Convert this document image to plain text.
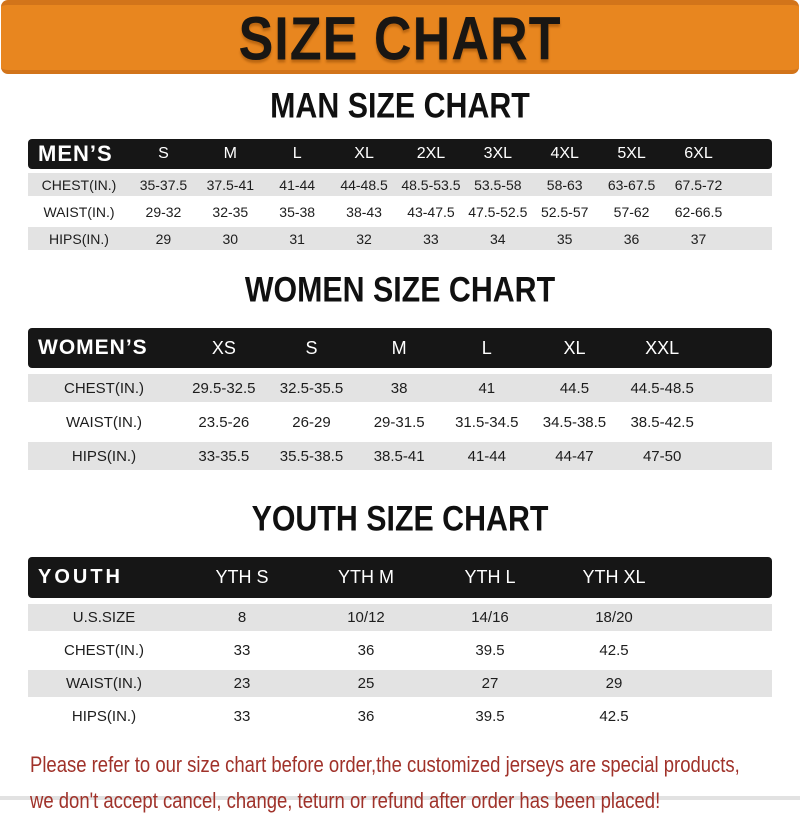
SIZE CHART
MAN SIZE CHART
MEN’S	S	M	L	XL	2XL	3XL	4XL	5XL	6XL	
CHEST(IN.)	35-37.5	37.5-41	41-44	44-48.5	48.5-53.5	53.5-58	58-63	63-67.5	67.5-72	
WAIST(IN.)	29-32	32-35	35-38	38-43	43-47.5	47.5-52.5	52.5-57	57-62	62-66.5	
HIPS(IN.)	29	30	31	32	33	34	35	36	37	
WOMEN SIZE CHART
WOMEN’S	XS	S	M	L	XL	XXL	
CHEST(IN.)	29.5-32.5	32.5-35.5	38	41	44.5	44.5-48.5	
WAIST(IN.)	23.5-26	26-29	29-31.5	31.5-34.5	34.5-38.5	38.5-42.5	
HIPS(IN.)	33-35.5	35.5-38.5	38.5-41	41-44	44-47	47-50	
YOUTH SIZE CHART
YOUTH	YTH S	YTH M	YTH L	YTH XL	
U.S.SIZE	8	10/12	14/16	18/20	
CHEST(IN.)	33	36	39.5	42.5	
WAIST(IN.)	23	25	27	29	
HIPS(IN.)	33	36	39.5	42.5	

Please refer to our size chart before order,the customized jerseys are special products,

we don't accept cancel, change, teturn or refund after order has been placed!
